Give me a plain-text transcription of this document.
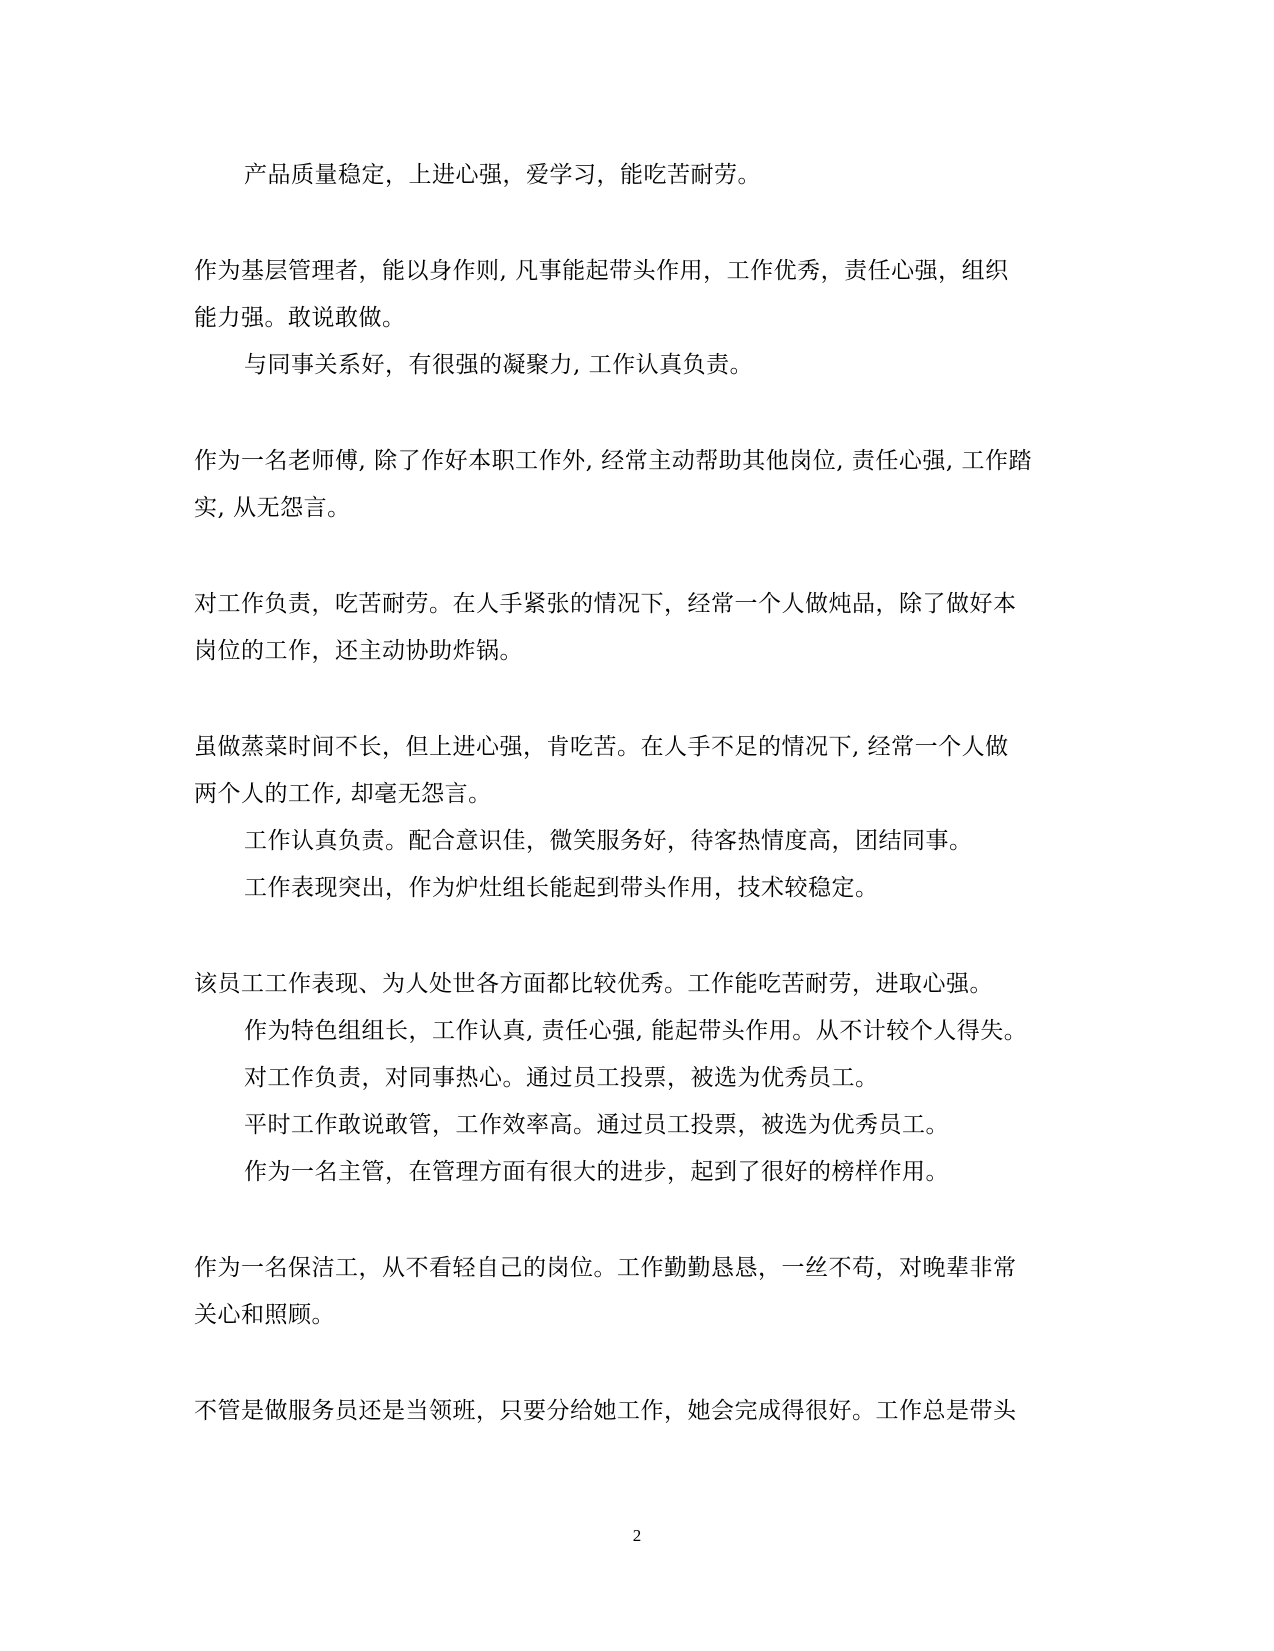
产品质量稳定，上进心强，爱学习，能吃苦耐劳。
作为基层管理者，能以身作则, 凡事能起带头作用，工作优秀，责任心强，组织
能力强。敢说敢做。
与同事关系好，有很强的凝聚力, 工作认真负责。
作为一名老师傅, 除了作好本职工作外, 经常主动帮助其他岗位, 责任心强, 工作踏
实, 从无怨言。
对工作负责，吃苦耐劳。在人手紧张的情况下，经常一个人做炖品，除了做好本
岗位的工作，还主动协助炸锅。
虽做蒸菜时间不长，但上进心强，肯吃苦。在人手不足的情况下, 经常一个人做
两个人的工作, 却毫无怨言。
工作认真负责。配合意识佳，微笑服务好，待客热情度高，团结同事。
工作表现突出，作为炉灶组长能起到带头作用，技术较稳定。
该员工工作表现、为人处世各方面都比较优秀。工作能吃苦耐劳，进取心强。
作为特色组组长，工作认真, 责任心强, 能起带头作用。从不计较个人得失。
对工作负责，对同事热心。通过员工投票，被选为优秀员工。
平时工作敢说敢管，工作效率高。通过员工投票，被选为优秀员工。
作为一名主管，在管理方面有很大的进步，起到了很好的榜样作用。
作为一名保洁工，从不看轻自己的岗位。工作勤勤恳恳，一丝不苟，对晚辈非常
关心和照顾。
不管是做服务员还是当领班，只要分给她工作，她会完成得很好。工作总是带头
2
